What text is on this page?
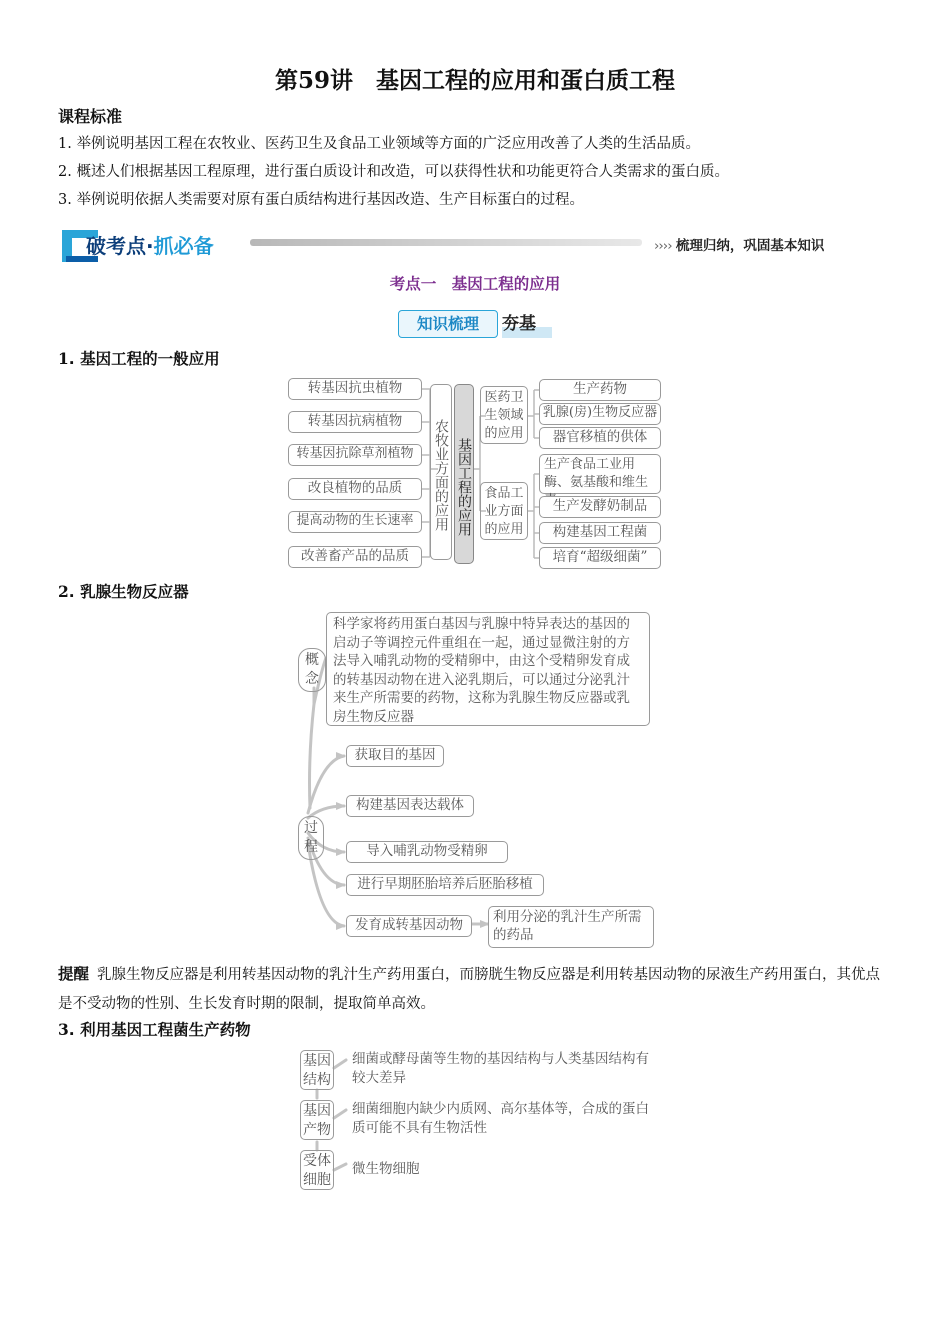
第59讲　基因工程的应用和蛋白质工程
课程标准
1. 举例说明基因工程在农牧业、医药卫生及食品工业领域等方面的广泛应用改善了人类的生活品质。
2. 概述人们根据基因工程原理，进行蛋白质设计和改造，可以获得性状和功能更符合人类需求的蛋白质。
3. 举例说明依据人类需要对原有蛋白质结构进行基因改造、生产目标蛋白的过程。
破考点·抓必备	›››› 梳理归纳，巩固基本知识
考点一　基因工程的应用
知识梳理	夯基
1. 基因工程的一般应用
转基因抗虫植物
转基因抗病植物
转基因抗除草剂植物
改良植物的品质
提高动物的生长速率
改善畜产品的品质
农牧业方面的应用 基因工程的应用
医药卫生领域的应用
食品工业方面的应用
生产药物
乳腺(房)生物反应器
器官移植的供体
生产食品工业用酶、氨基酸和维生
生产发酵奶制品
构建基因工程菌
培育“超级细菌”
2. 乳腺生物反应器
概念
科学家将药用蛋白基因与乳腺中特异表达的基因的启动子等调控元件重组在一起，通过显微注射的方法导入哺乳动物的受精卵中，由这个受精卵发育成的转基因动物在进入泌乳期后，可以通过分泌乳汁来生产所需要的药物，这称为乳腺生物反应器或乳房生物反应器
过程
获取目的基因
构建基因表达载体
导入哺乳动物受精卵
进行早期胚胎培养后胚胎移植
发育成转基因动物	利用分泌的乳汁生产所需的药品
提醒 乳腺生物反应器是利用转基因动物的乳汁生产药用蛋白，而膀胱生物反应器是利用转基因动物的尿液生产药用蛋白，其优点是不受动物的性别、生长发育时期的限制，提取简单高效。
3. 利用基因工程菌生产药物
基因结构
细菌或酵母菌等生物的基因结构与人类基因结构有较大差异
基因产物
细菌细胞内缺少内质网、高尔基体等，合成的蛋白质可能不具有生物活性
受体细胞
微生物细胞
